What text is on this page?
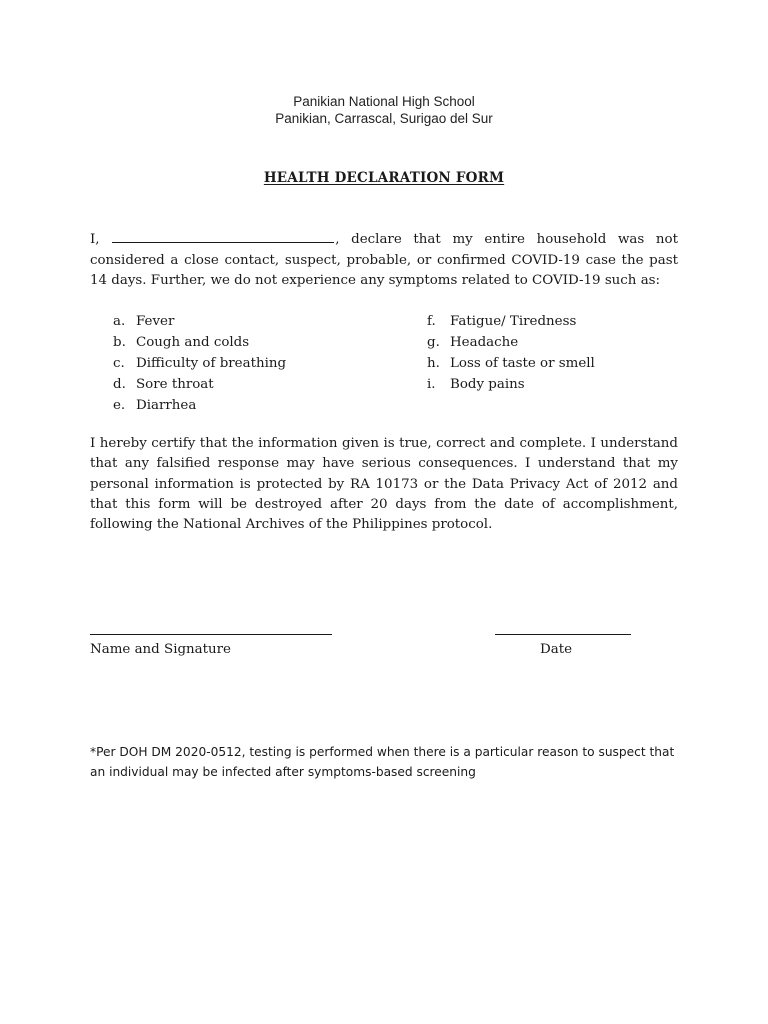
Panikian National High School
Panikian, Carrascal, Surigao del Sur
HEALTH DECLARATION FORM
I,	, declare that my entire household was not considered a close contact, suspect, probable, or confirmed COVID-19 case the past 14 days. Further, we do not experience any symptoms related to COVID-19 such as:
a. Fever
b. Cough and colds
c. Difficulty of breathing
d. Sore throat
e. Diarrhea
f. Fatigue/ Tiredness
g. Headache
h. Loss of taste or smell
i. Body pains
I hereby certify that the information given is true, correct and complete. I understand that any falsified response may have serious consequences. I understand that my personal information is protected by RA 10173 or the Data Privacy Act of 2012 and that this form will be destroyed after 20 days from the date of accomplishment, following the National Archives of the Philippines protocol.
Name and Signature	Date
*Per DOH DM 2020-0512, testing is performed when there is a particular reason to suspect that an individual may be infected after symptoms-based screening
